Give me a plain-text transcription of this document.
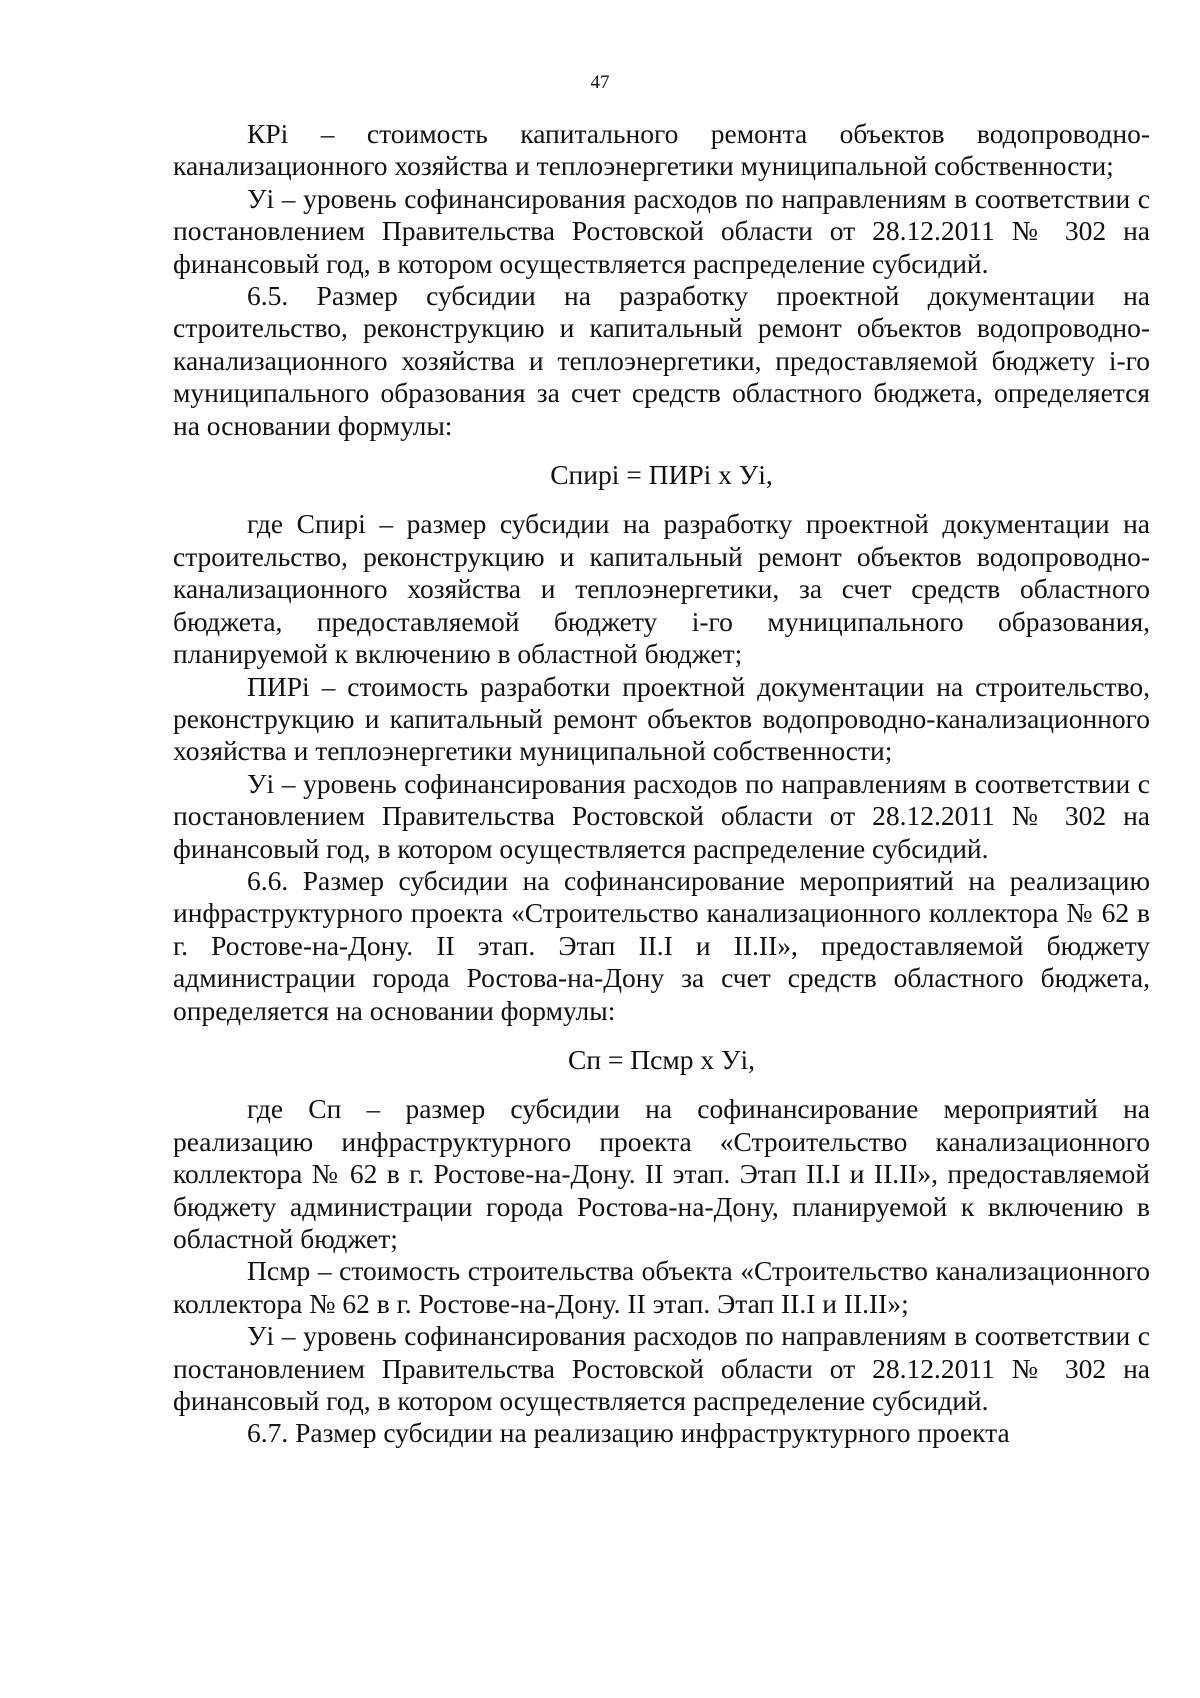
47

КРi – стоимость капитального ремонта объектов водопроводно-канализационного хозяйства и теплоэнергетики муниципальной собственности;

Уi – уровень софинансирования расходов по направлениям в соответствии с постановлением Правительства Ростовской области от 28.12.2011 № 302 на финансовый год, в котором осуществляется распределение субсидий.

6.5. Размер субсидии на разработку проектной документации на строительство, реконструкцию и капитальный ремонт объектов водопроводно-канализационного хозяйства и теплоэнергетики, предоставляемой бюджету i-го муниципального образования за счет средств областного бюджета, определяется на основании формулы:

Спирi = ПИРi х Уi,

где Спирi – размер субсидии на разработку проектной документации на строительство, реконструкцию и капитальный ремонт объектов водопроводно-канализационного хозяйства и теплоэнергетики, за счет средств областного бюджета, предоставляемой бюджету i-го муниципального образования, планируемой к включению в областной бюджет;

ПИРi – стоимость разработки проектной документации на строительство, реконструкцию и капитальный ремонт объектов водопроводно-канализационного хозяйства и теплоэнергетики муниципальной собственности;

Уi – уровень софинансирования расходов по направлениям в соответствии с постановлением Правительства Ростовской области от 28.12.2011 № 302 на финансовый год, в котором осуществляется распределение субсидий.

6.6. Размер субсидии на софинансирование мероприятий на реализацию инфраструктурного проекта «Строительство канализационного коллектора № 62 в г. Ростове-на-Дону. II этап. Этап II.I и II.II», предоставляемой бюджету администрации города Ростова-на-Дону за счет средств областного бюджета, определяется на основании формулы:

Сп = Псмр х Уi,

где Сп – размер субсидии на софинансирование мероприятий на реализацию инфраструктурного проекта «Строительство канализационного коллектора № 62 в г. Ростове-на-Дону. II этап. Этап II.I и II.II», предоставляемой бюджету администрации города Ростова-на-Дону, планируемой к включению в областной бюджет;

Псмр – стоимость строительства объекта «Строительство канализационного коллектора № 62 в г. Ростове-на-Дону. II этап. Этап II.I и II.II»;

Уi – уровень софинансирования расходов по направлениям в соответствии с постановлением Правительства Ростовской области от 28.12.2011 № 302 на финансовый год, в котором осуществляется распределение субсидий.

6.7. Размер субсидии на реализацию инфраструктурного проекта
